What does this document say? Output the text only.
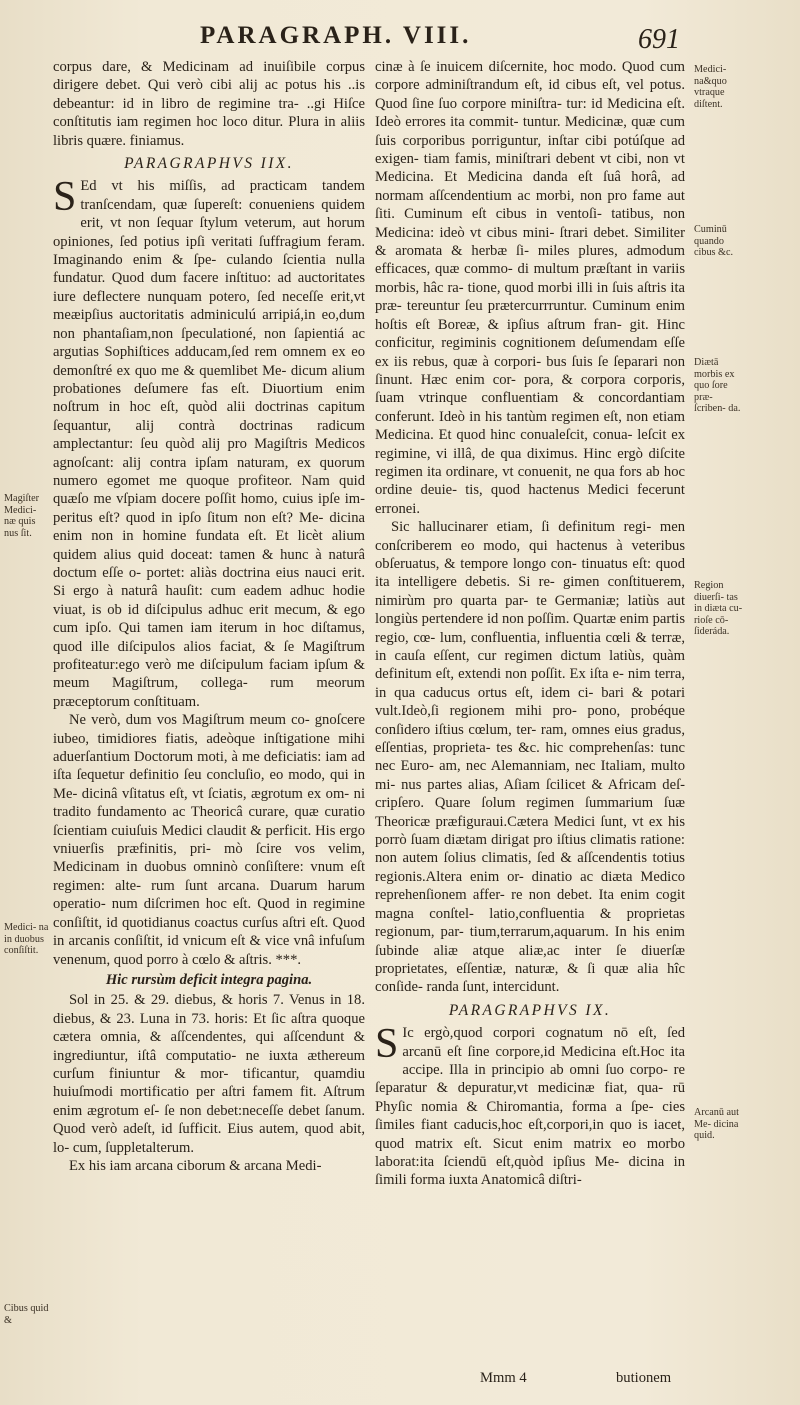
PARAGRAPH. VIII.	691

corpus dare, & Medicinam ad inuiſibile corpus dirigere debet. Qui verò cibi alij ac potus his ..is debeantur: id in libro de regimine tra- ..gi Hiſce conſtitutis iam regimen hoc loco ditur. Plura in aliis libris quære. finiamus.

PARAGRAPHVS IIX.

S Ed vt his miſſis, ad practicam tandem tranſcendam, quæ ſupereſt: conueniens quidem erit, vt non ſequar ſtylum veterum, aut horum opiniones, ſed potius ipſi veritati ſuffragium feram. Imaginando enim & ſpe- culando ſcientia nulla fundatur. Quod dum facere inſtituo: ad auctoritates iure deflectere nunquam potero, ſed neceſſe erit,vt meæipſius auctoritatis adminiculú arripiá,in eo,dum non phantaſiam,non ſpeculationé, non ſapientiá ac argutias Sophiſtices adducam,ſed rem omnem ex eo demonſtré ex quo me & quemlibet Me- dicum alium probationes deſumere fas eſt. Diuortium enim noſtrum in hoc eſt, quòd alii doctrinas capitum ſequantur, alij contrà doctrinas radicum amplectantur: ſeu quòd alij pro Magiſtris Medicos agnoſcant: alij contra ipſam naturam, ex quorum numero egomet me quoque profiteor. Nam quid quæſo me vſpiam docere poſſit homo, cuius ipſe im- peritus eſt? quod in ipſo ſitum non eſt? Me- dicina enim non in homine fundata eſt. Et licèt alium quidem alius quid doceat: tamen & hunc à naturâ doctum eſſe o- portet: aliàs doctrina eius nauci erit. Si ergo à naturâ hauſit: cum eadem adhuc hodie viuat, is ob id diſcipulus adhuc erit mecum, & ego cum ipſo. Qui tamen iam iterum in hoc diſtamus, quod ille diſcipulos alios faciat, & ſe Magiſtrum profiteatur:ego verò me diſcipulum faciam ipſum & meum Magiſtrum, collega- rum meorum præceptorum conſtituam.

Ne verò, dum vos Magiſtrum meum co- gnoſcere iubeo, timidiores fiatis, adeòque inſtigatione mihi aduerſantium Doctorum moti, à me deficiatis: iam ad iſta ſequetur definitio ſeu concluſio, eo modo, qui in Me- dicinâ vſitatus eſt, vt ſciatis, ægrotum ex om- ni tradito fundamento ac Theoricâ curare, quæ curatio ſcientiam cuiuſuis Medici claudit & perficit. His ergo vniuerſis præfinitis, pri- mò ſcire vos velim, Medicinam in duobus omninò conſiſtere: vnum eſt regimen: alte- rum ſunt arcana. Duarum harum operatio- num diſcrimen hoc eſt. Quod in regimine conſiſtit, id quotidianus coactus curſus aſtri eſt. Quod in arcanis conſiſtit, id vnicum eſt & vice vnâ infuſum venenum, quod porro à cœlo & aſtris. ***.

Hic rursùm deficit integra pagina.

Sol in 25. & 29. diebus, & horis 7. Venus in 18. diebus, & 23. Luna in 73. horis: Et ſic aſtra quoque cætera omnia, & aſſcendentes, qui aſſcendunt & ingrediuntur, iſtâ computatio- ne iuxta æthereum curſum finiuntur & mor- tificantur, quamdiu huiuſmodi mortificatio per aſtri famem fit. Aſtrum enim ægrotum eſ- ſe non debet:neceſſe debet ſanum. Quod verò adeſt, id ſufficit. Eius autem, quod abit, lo- cum, ſuppletalterum.

Ex his iam arcana ciborum & arcana Medi-

cinæ à ſe inuicem diſcernite, hoc modo. Quod cum corpore adminiſtrandum eſt, id cibus eſt, vel potus. Quod ſine ſuo corpore miniſtra- tur: id Medicina eſt. Ideò errores ita commit- tuntur. Medicinæ, quæ cum ſuis corporibus porriguntur, inſtar cibi potúſque ad exigen- tiam famis, miniſtrari debent vt cibi, non vt Medicina. Et Medicina danda eſt ſuâ horâ, ad normam aſſcendentium ac morbi, non pro fame aut ſiti. Cuminum eſt cibus in ventoſi- tatibus, non Medicina: ideò vt cibus mini- ſtrari debet. Similiter & aromata & herbæ ſi- miles plures, admodum efficaces, quæ commo- di multum præſtant in variis morbis, hâc ra- tione, quod morbi illi in ſuis aſtris ita præ- tereuntur ſeu prætercurrruntur. Cuminum enim hoſtis eſt Boreæ, & ipſius aſtrum fran- git. Hinc conficitur, regiminis cognitionem deſumendam eſſe ex iis rebus, quæ à corpori- bus ſuis ſe ſeparari non ſinunt. Hæc enim cor- pora, & corpora corporis, ſuam vtrinque confluentiam & concordantiam conferunt. Ideò in his tantùm regimen eſt, non etiam Medicina. Et quod hinc conualeſcit, conua- leſcit ex regimine, vi illâ, de qua diximus. Hinc ergò diſcite regimen ita ordinare, vt conuenit, ne qua fors ab hoc ordine deuie- tis, quod hactenus Medici fecerunt erronei.

Sic hallucinarer etiam, ſi definitum regi- men conſcriberem eo modo, qui hactenus à veteribus obſeruatus, & tempore longo con- tinuatus eſt: quod ita intelligere debetis. Si re- gimen conſtituerem, nimirùm pro quarta par- te Germaniæ; latiùs aut longiùs pertendere id non poſſim. Quartæ enim partis regio, cœ- lum, confluentia, influentia cœli & terræ, in cauſa eſſent, cur regimen dictum latiùs, quàm definitum eſt, extendi non poſſit. Ex iſta e- nim terra, in qua caducus ortus eſt, idem ci- bari & potari vult.Ideò,ſi regionem mihi pro- pono, probéque conſidero iſtius cœlum, ter- ram, omnes eius gradus, eſſentias, proprieta- tes &c. hic comprehenſas: tunc nec Euro- am, nec Alemanniam, nec Italiam, multo mi- nus partes alias, Aſiam ſcilicet & Africam deſ- cripſero. Quare ſolum regimen ſummarium ſuæ Theoricæ præfiguraui.Cætera Medici ſunt, vt ex his porrò ſuam diætam dirigat pro iſtius climatis ratione: non autem ſolius climatis, ſed & aſſcendentis totius regionis.Altera enim or- dinatio ac diæta Medico reprehenſionem affer- re non debet. Ita enim cogit magna conſtel- latio,confluentia & proprietas regionum, par- tium,terrarum,aquarum. In his enim ſubinde aliæ atque aliæ,ac inter ſe diuerſæ proprietates, eſſentiæ, naturæ, & ſi quæ alia hîc conſide- randa ſunt, intercidunt.

PARAGRAPHVS IX.

S Ic ergò,quod corpori cognatum nō eſt, ſed arcanū eſt ſine corpore,id Medicina eſt.Hoc ita accipe. Illa in principio ab omni ſuo corpo- re ſeparatur & depuratur,vt medicinæ fiat, qua- rū Phyſic nomia & Chiromantia, forma a ſpe- cies ſimiles fiant caducis,hoc eſt,corpori,in quo is iacet, quod matrix eſt. Sicut enim matrix eo morbo laborat:ita ſciendū eſt,quòd ipſius Me- dicina in ſimili forma iuxta Anatomicâ diſtri-

Mmm 4	butionem
Magiſter Medici- næ quis nus ſit.
Medici- na in duobus conſiſtit.
Cibus quid &
Medici- na&quo vtraque diſtent.
Cuminū quando cibus &c.
Diætā morbis ex quo ſore præ- ſcriben- da.
Region diuerſi- tas in diæta cu- rioſe cō- ſideráda.
Arcanū aut Me- dicina quid.
